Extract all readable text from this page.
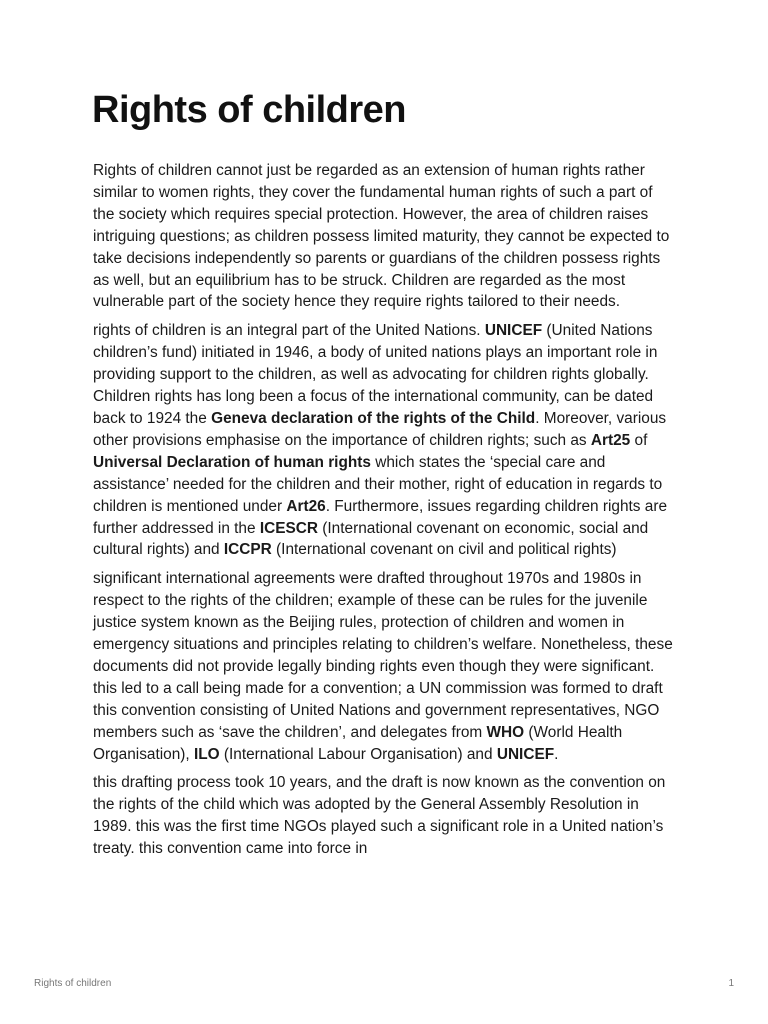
Rights of children

Rights of children cannot just be regarded as an extension of human rights rather similar to women rights, they cover the fundamental human rights of such a part of the society which requires special protection. However, the area of children raises intriguing questions; as children possess limited maturity, they cannot be expected to take decisions independently so parents or guardians of the children possess rights as well, but an equilibrium has to be struck. Children are regarded as the most vulnerable part of the society hence they require rights tailored to their needs.

rights of children is an integral part of the United Nations. UNICEF (United Nations children’s fund) initiated in 1946, a body of united nations plays an important role in providing support to the children, as well as advocating for children rights globally. Children rights has long been a focus of the international community, can be dated back to 1924 the Geneva declaration of the rights of the Child. Moreover, various other provisions emphasise on the importance of children rights; such as Art25 of Universal Declaration of human rights which states the ‘special care and assistance’ needed for the children and their mother, right of education in regards to children is mentioned under Art26. Furthermore, issues regarding children rights are further addressed in the ICESCR (International covenant on economic, social and cultural rights) and ICCPR (International covenant on civil and political rights)

significant international agreements were drafted throughout 1970s and 1980s in respect to the rights of the children; example of these can be rules for the juvenile justice system known as the Beijing rules, protection of children and women in emergency situations and principles relating to children’s welfare. Nonetheless, these documents did not provide legally binding rights even though they were significant. this led to a call being made for a convention; a UN commission was formed to draft this convention consisting of United Nations and government representatives, NGO members such as ‘save the children’, and delegates from WHO (World Health Organisation), ILO (International Labour Organisation) and UNICEF.

this drafting process took 10 years, and the draft is now known as the convention on the rights of the child which was adopted by the General Assembly Resolution in 1989. this was the first time NGOs played such a significant role in a United nation’s treaty. this convention came into force in

Rights of children	1
